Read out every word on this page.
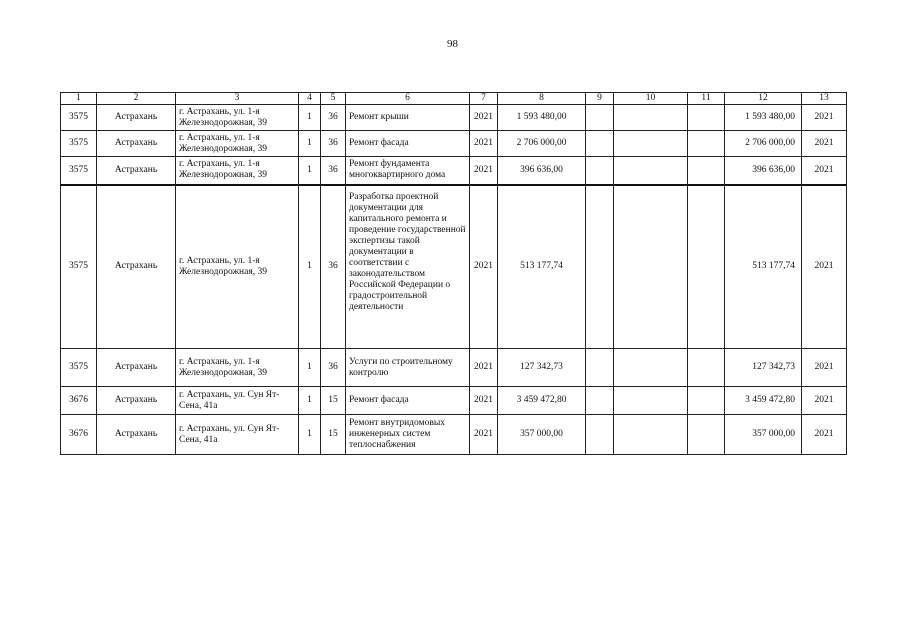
98
1	2	3	4	5	6	7	8	9	10	11	12	13
3575	Астрахань	г. Астрахань, ул. 1-я Железнодорожная, 39	1	36	Ремонт крыши	2021	1 593 480,00				1 593 480,00	2021
3575	Астрахань	г. Астрахань, ул. 1-я Железнодорожная, 39	1	36	Ремонт фасада	2021	2 706 000,00				2 706 000,00	2021
3575	Астрахань	г. Астрахань, ул. 1-я Железнодорожная, 39	1	36	Ремонт фундамента многоквартирного дома	2021	396 636,00				396 636,00	2021
3575	Астрахань	г. Астрахань, ул. 1-я Железнодорожная, 39	1	36	Разработка проектной документации для капитального ремонта и проведение государственной экспертизы такой документации в соответствии с законодательством Российской Федерации о градостроительной деятельности	2021	513 177,74				513 177,74	2021
3575	Астрахань	г. Астрахань, ул. 1-я Железнодорожная, 39	1	36	Услуги по строительному контролю	2021	127 342,73				127 342,73	2021
3676	Астрахань	г. Астрахань, ул. Сун Ят-Сена, 41а	1	15	Ремонт фасада	2021	3 459 472,80				3 459 472,80	2021
3676	Астрахань	г. Астрахань, ул. Сун Ят-Сена, 41а	1	15	Ремонт внутридомовых инженерных систем теплоснабжения	2021	357 000,00				357 000,00	2021
